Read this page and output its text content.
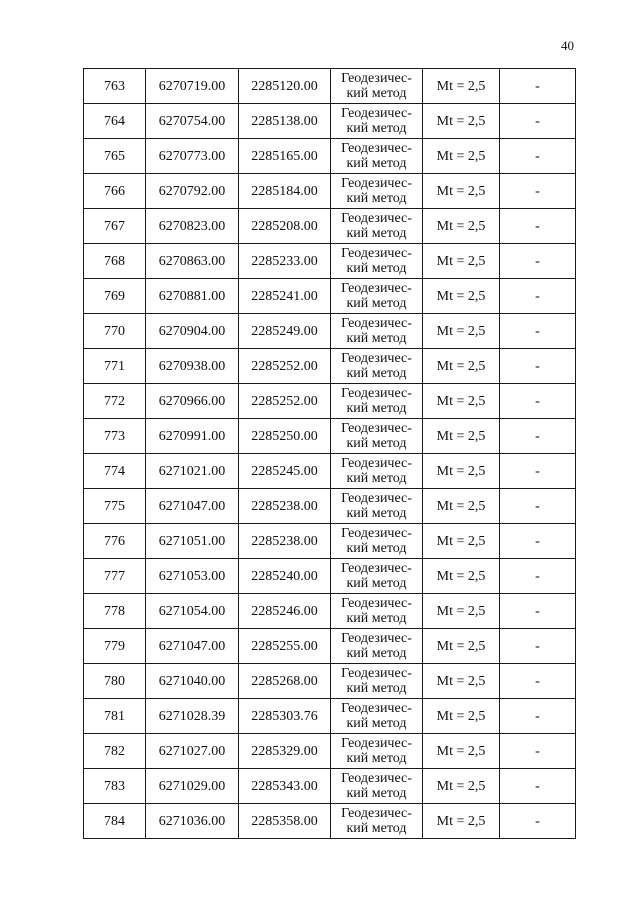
40
763	6270719.00	2285120.00	Геодезичес-
кий метод	Mt = 2,5	-
764	6270754.00	2285138.00	Геодезичес-
кий метод	Mt = 2,5	-
765	6270773.00	2285165.00	Геодезичес-
кий метод	Mt = 2,5	-
766	6270792.00	2285184.00	Геодезичес-
кий метод	Mt = 2,5	-
767	6270823.00	2285208.00	Геодезичес-
кий метод	Mt = 2,5	-
768	6270863.00	2285233.00	Геодезичес-
кий метод	Mt = 2,5	-
769	6270881.00	2285241.00	Геодезичес-
кий метод	Mt = 2,5	-
770	6270904.00	2285249.00	Геодезичес-
кий метод	Mt = 2,5	-
771	6270938.00	2285252.00	Геодезичес-
кий метод	Mt = 2,5	-
772	6270966.00	2285252.00	Геодезичес-
кий метод	Mt = 2,5	-
773	6270991.00	2285250.00	Геодезичес-
кий метод	Mt = 2,5	-
774	6271021.00	2285245.00	Геодезичес-
кий метод	Mt = 2,5	-
775	6271047.00	2285238.00	Геодезичес-
кий метод	Mt = 2,5	-
776	6271051.00	2285238.00	Геодезичес-
кий метод	Mt = 2,5	-
777	6271053.00	2285240.00	Геодезичес-
кий метод	Mt = 2,5	-
778	6271054.00	2285246.00	Геодезичес-
кий метод	Mt = 2,5	-
779	6271047.00	2285255.00	Геодезичес-
кий метод	Mt = 2,5	-
780	6271040.00	2285268.00	Геодезичес-
кий метод	Mt = 2,5	-
781	6271028.39	2285303.76	Геодезичес-
кий метод	Mt = 2,5	-
782	6271027.00	2285329.00	Геодезичес-
кий метод	Mt = 2,5	-
783	6271029.00	2285343.00	Геодезичес-
кий метод	Mt = 2,5	-
784	6271036.00	2285358.00	Геодезичес-
кий метод	Mt = 2,5	-
